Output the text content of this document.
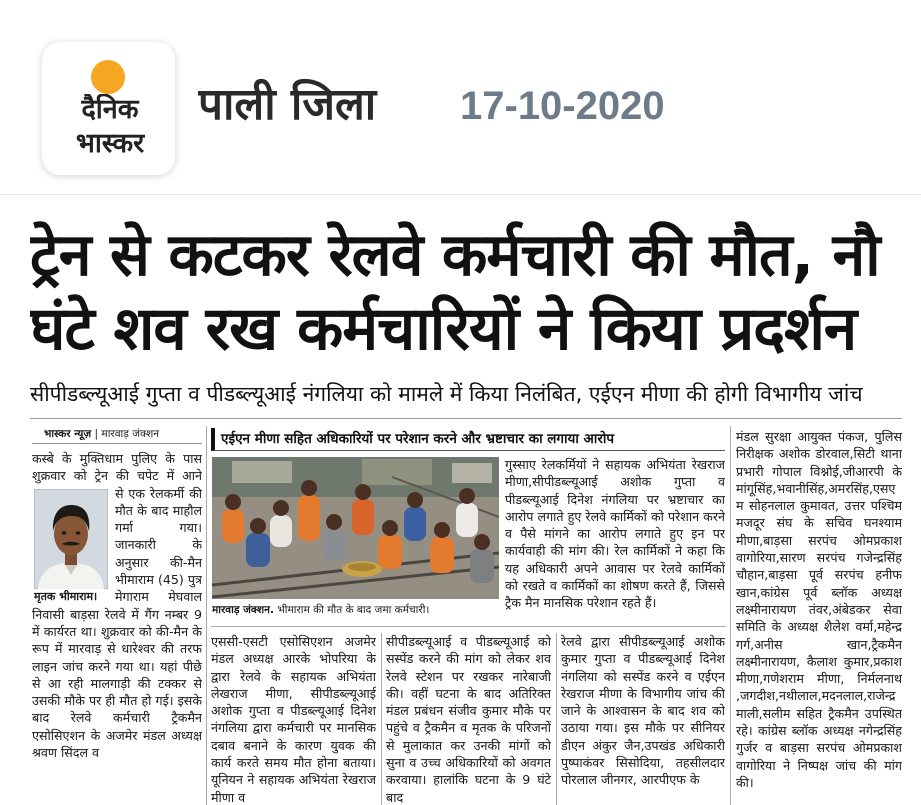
दैनिक
भास्कर
पाली जिला	17-10-2020
ट्रेन से कटकर रेलवे कर्मचारी की मौत, नौ
घंटे शव रख कर्मचारियों ने किया प्रदर्शन
सीपीडब्ल्यूआई गुप्ता व पीडब्ल्यूआई नंगलिया को मामले में किया निलंबित, एईएन मीणा की होगी विभागीय जांच
भास्कर न्यूज़ | मारवाड़ जंक्शन

कस्बे के मुक्तिधाम पुलिए के पास शुक्रवार को ट्रेन की चपेट में आने

मृतक भीमाराम।

से एक रेलकर्मी की मौत के बाद माहौल गर्मा गया। जानकारी के अनुसार की-मैन भीमाराम (45) पुत्र मेगाराम मेघवाल निवासी बाड़सा रेलवे में गैंग नम्बर 9 में कार्यरत था। शुक्रवार को की-मैन के रूप में मारवाड़ से धारेश्वर की तरफ लाइन जांच करने गया था। यहां पीछे से आ रही मालगाड़ी की टक्कर से उसकी मौके पर ही मौत हो गई। इसके बाद रेलवे कर्मचारी ट्रैकमैन एसोसिएशन के अजमेर मंडल अध्यक्ष श्रवण सिंदल व

एईएन मीणा सहित अधिकारियों पर परेशान करने और भ्रष्टाचार का लगाया आरोप
मारवाड़ जंक्शन. भीमाराम की मौत के बाद जमा कर्मचारी।

गुस्साए रेलकर्मियों ने सहायक अभियंता रेखराज मीणा,सीपीडब्ल्यूआई अशोक गुप्ता व पीडब्ल्यूआई दिनेश नंगलिया पर भ्रष्टाचार का आरोप लगाते हुए रेलवे कार्मिकों को परेशान करने व पैसे मांगने का आरोप लगाते हुए इन पर कार्यवाही की मांग की। रेल कार्मिकों ने कहा कि यह अधिकारी अपने आवास पर रेलवे कार्मिकों को रखते व कार्मिकों का शोषण करते हैं, जिससे ट्रैक मैन मानसिक परेशान रहते हैं।

एससी-एसटी एसोसिएशन अजमेर मंडल अध्यक्ष आरके भोपरिया के द्वारा रेलवे के सहायक अभियंता लेखराज मीणा, सीपीडब्ल्यूआई अशोक गुप्ता व पीडब्ल्यूआई दिनेश नंगलिया द्वारा कर्मचारी पर मानसिक दबाव बनाने के कारण युवक की कार्य करते समय मौत होना बताया। यूनियन ने सहायक अभियंता रेखराज मीणा व

सीपीडब्ल्यूआई व पीडब्ल्यूआई को सस्पेंड करने की मांग को लेकर शव रेलवे स्टेशन पर रखकर नारेबाजी की। वहीं घटना के बाद अतिरिक्त मंडल प्रबंधन संजीव कुमार मौके पर पहुंचे व ट्रैकमैन व मृतक के परिजनों से मुलाकात कर उनकी मांगों को सुना व उच्च अधिकारियों को अवगत करवाया। हालांकि घटना के 9 घंटे बाद

रेलवे द्वारा सीपीडब्ल्यूआई अशोक कुमार गुप्ता व पीडब्ल्यूआई दिनेश नंगलिया को सस्पेंड करने व एईएन रेखराज मीणा के विभागीय जांच की जाने के आश्वासन के बाद शव को उठाया गया। इस मौके पर सीनियर डीएन अंकुर जैन,उपखंड अधिकारी पुष्पाकंवर सिसोदिया, तहसीलदार पोरलाल जीनगर, आरपीएफ के

मंडल सुरक्षा आयुक्त पंकज, पुलिस निरीक्षक अशोक डोरवाल,सिटी थाना प्रभारी गोपाल विश्नोई,जीआरपी के मांगूसिंह,भवानीसिंह,अमरसिंह,एसएम सोहनलाल कुमावत, उत्तर पश्चिम मजदूर संघ के सचिव घनश्याम मीणा,बाड़सा सरपंच ओमप्रकाश वागोरिया,सारण सरपंच गजेन्द्रसिंह चौहान,बाड़सा पूर्व सरपंच हनीफ खान,कांग्रेस पूर्व ब्लॉक अध्यक्ष लक्ष्मीनारायण तंवर,अंबेडकर सेवा समिति के अध्यक्ष शैलेश वर्मा,महेन्द्र गर्ग,अनीस खान,ट्रैकमैन लक्ष्मीनारायण, कैलाश कुमार,प्रकाश मीणा,गणेशराम मीणा, निर्मलनाथ ,जगदीश,नथीलाल,मदनलाल,राजेन्द्र माली,सलीम सहित ट्रैकमैन उपस्थित रहे। कांग्रेस ब्लॉक अध्यक्ष नगेन्द्रसिंह गुर्जर व बाड़सा सरपंच ओमप्रकाश वागोरिया ने निष्पक्ष जांच की मांग की।
